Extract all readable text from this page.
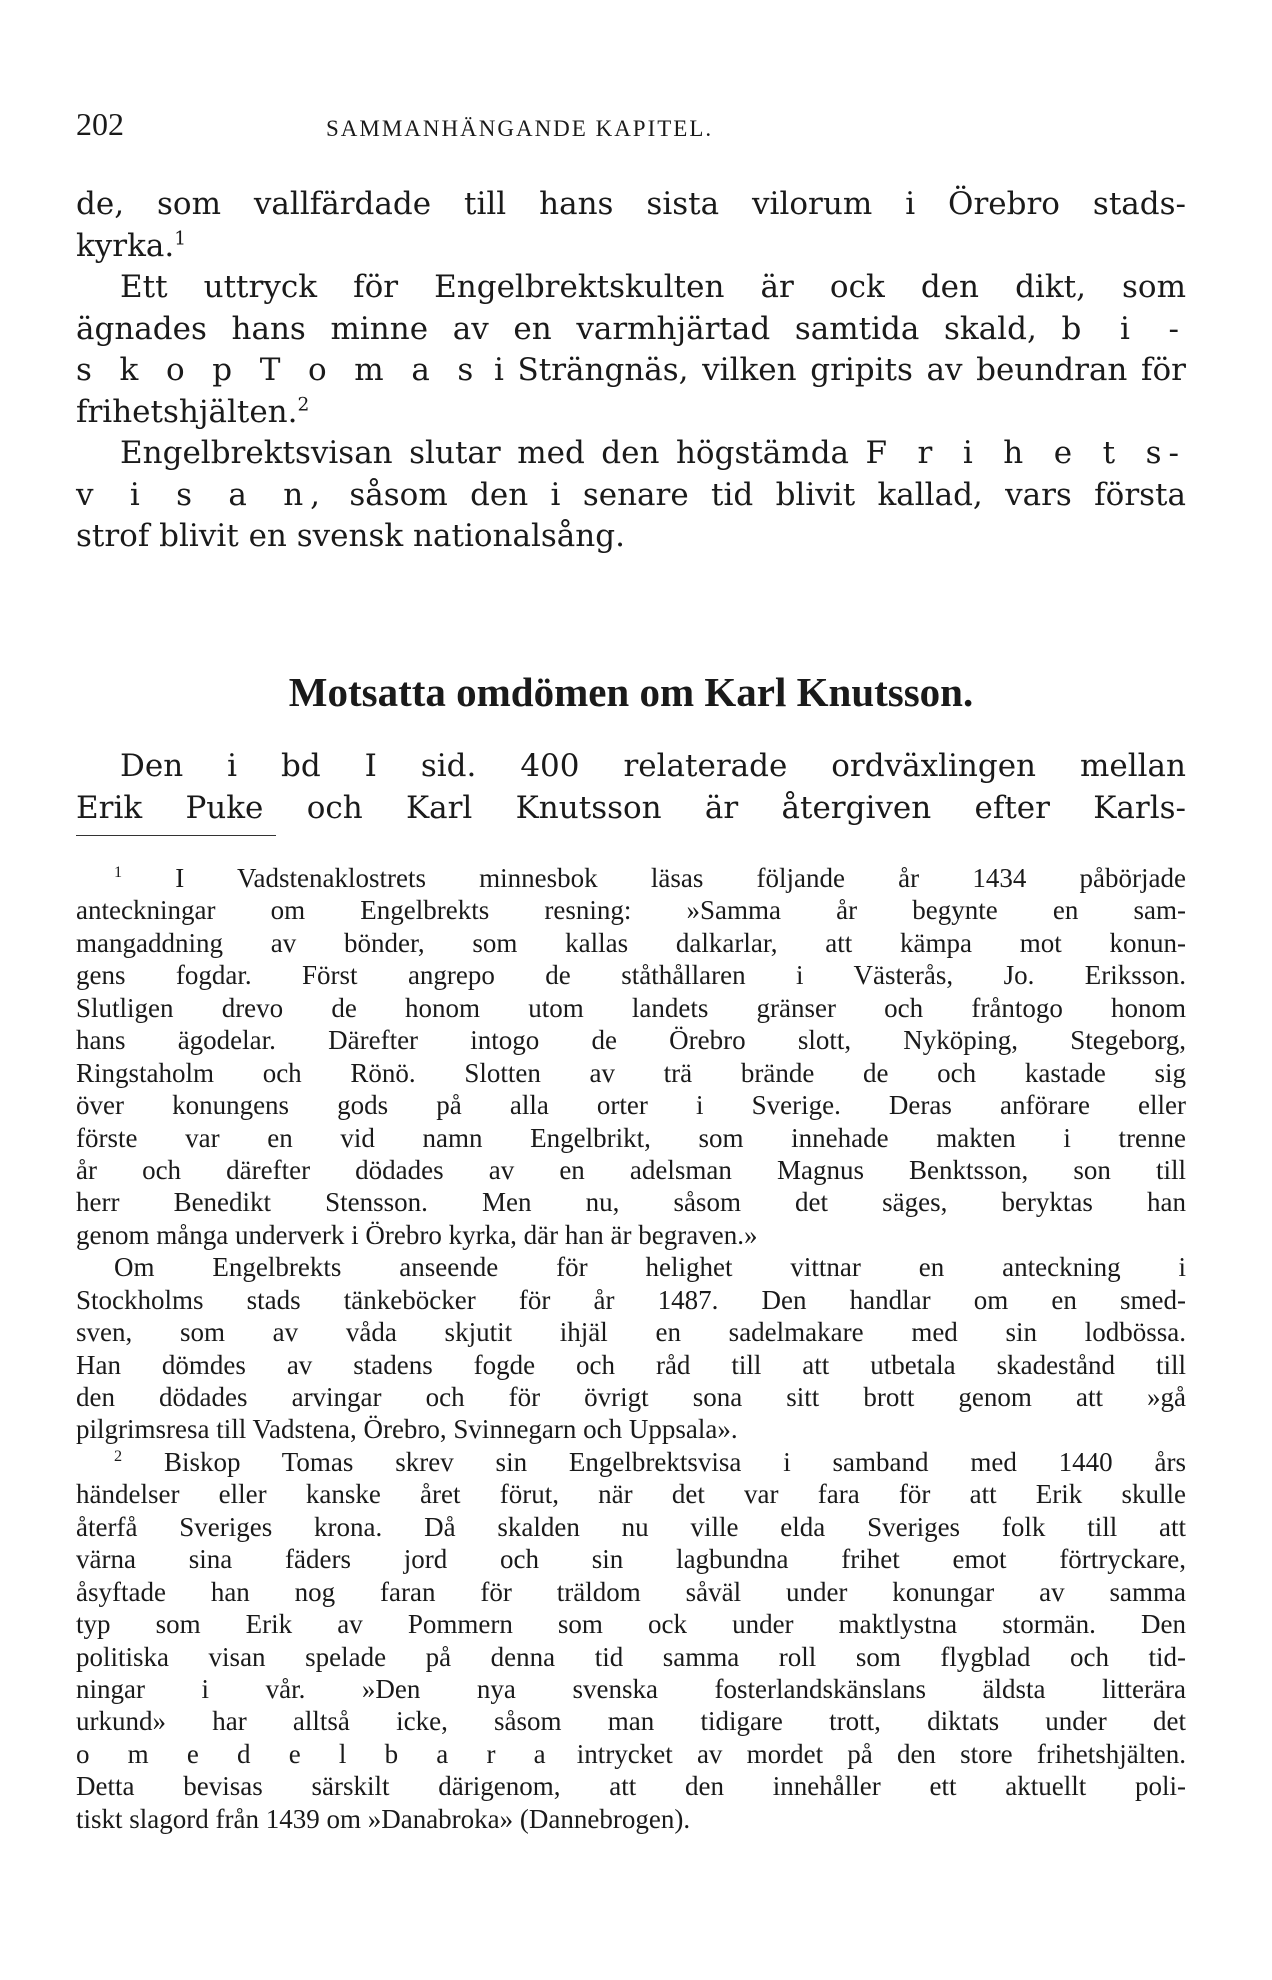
202	SAMMANHÄNGANDE KAPITEL.
de, som vallfärdade till hans sista vilorum i Örebro stads-
kyrka.$^1$
Ett uttryck för Engelbrektskulten är ock den dikt, som
ägnades hans minne av en varmhjärtad samtida skald, b i -
s k o p T o m a s i Strängnäs, vilken gripits av beundran för
frihetshjälten.$^2$
Engelbrektsvisan slutar med den högstämda F r i h e t s-
v i s a n, såsom den i senare tid blivit kallad, vars första
strof blivit en svensk nationalsång.
Motsatta omdömen om Karl Knutsson.
Den i bd I sid. 400 relaterade ordväxlingen mellan
Erik Puke och Karl Knutsson är återgiven efter Karls-
$^1$ I Vadstenaklostrets minnesbok läsas följande år 1434 påbörjade
anteckningar om Engelbrekts resning: »Samma år begynte en sam-
mangaddning av bönder, som kallas dalkarlar, att kämpa mot konun-
gens fogdar. Först angrepo de ståthållaren i Västerås, Jo. Eriksson.
Slutligen drevo de honom utom landets gränser och fråntogo honom
hans ägodelar. Därefter intogo de Örebro slott, Nyköping, Stegeborg,
Ringstaholm och Rönö. Slotten av trä brände de och kastade sig
över konungens gods på alla orter i Sverige. Deras anförare eller
förste var en vid namn Engelbrikt, som innehade makten i trenne
år och därefter dödades av en adelsman Magnus Benktsson, son till
herr Benedikt Stensson. Men nu, såsom det säges, beryktas han
genom många underverk i Örebro kyrka, där han är begraven.»
Om Engelbrekts anseende för helighet vittnar en anteckning i
Stockholms stads tänkeböcker för år 1487. Den handlar om en smed-
sven, som av våda skjutit ihjäl en sadelmakare med sin lodbössa.
Han dömdes av stadens fogde och råd till att utbetala skadestånd till
den dödades arvingar och för övrigt sona sitt brott genom att »gå
pilgrimsresa till Vadstena, Örebro, Svinnegarn och Uppsala».
$^2$ Biskop Tomas skrev sin Engelbrektsvisa i samband med 1440 års
händelser eller kanske året förut, när det var fara för att Erik skulle
återfå Sveriges krona. Då skalden nu ville elda Sveriges folk till att
värna sina fäders jord och sin lagbundna frihet emot förtryckare,
åsyftade han nog faran för träldom såväl under konungar av samma
typ som Erik av Pommern som ock under maktlystna stormän. Den
politiska visan spelade på denna tid samma roll som flygblad och tid-
ningar i vår. »Den nya svenska fosterlandskänslans äldsta litterära
urkund» har alltså icke, såsom man tidigare trott, diktats under det
o m e d e l b a r a intrycket av mordet på den store frihetshjälten.
Detta bevisas särskilt därigenom, att den innehåller ett aktuellt poli-
tiskt slagord från 1439 om »Danabroka» (Dannebrogen).
